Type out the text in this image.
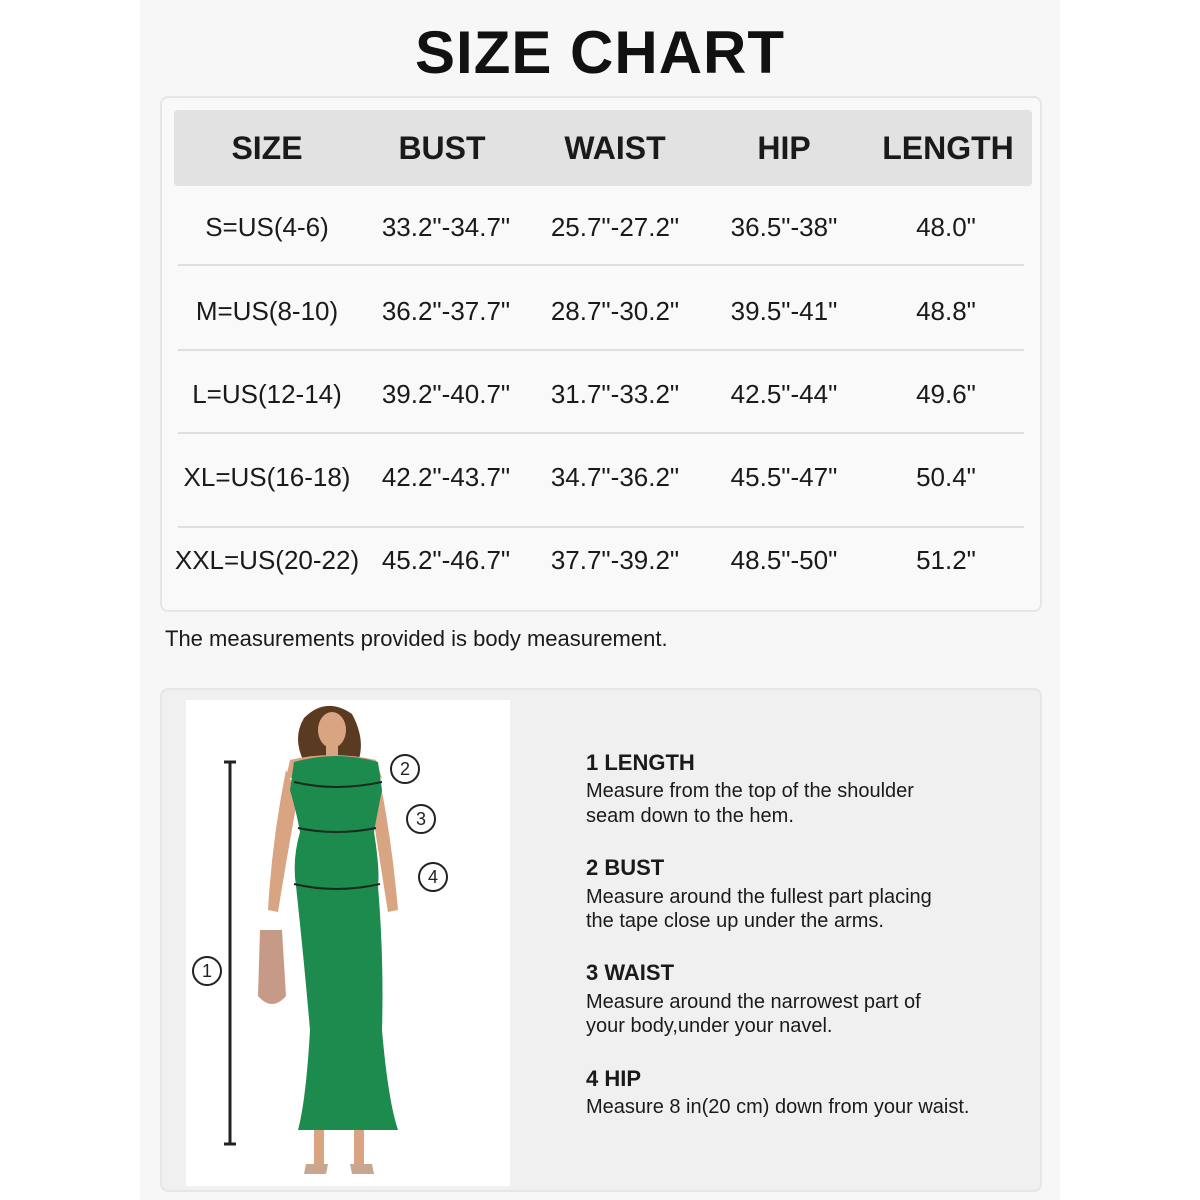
SIZE CHART
SIZE	BUST	WAIST	HIP	LENGTH
S=US(4-6)	33.2"-34.7"	25.7"-27.2"	36.5"-38"	48.0"
M=US(8-10)	36.2"-37.7"	28.7"-30.2"	39.5"-41"	48.8"
L=US(12-14)	39.2"-40.7"	31.7"-33.2"	42.5"-44"	49.6"
XL=US(16-18)	42.2"-43.7"	34.7"-36.2"	45.5"-47"	50.4"
XXL=US(20-22) 45.2"-46.7"	37.7"-39.2"	48.5"-50"	51.2"
The measurements provided is body measurement.
1
2
3
4
1 LENGTH
Measure from the top of the shoulder
seam down to the hem.
2 BUST
Measure around the fullest part placing
the tape close up under the arms.
3 WAIST
Measure around the narrowest part of
your body,under your navel.
4 HIP
Measure 8 in(20 cm) down from your waist.
